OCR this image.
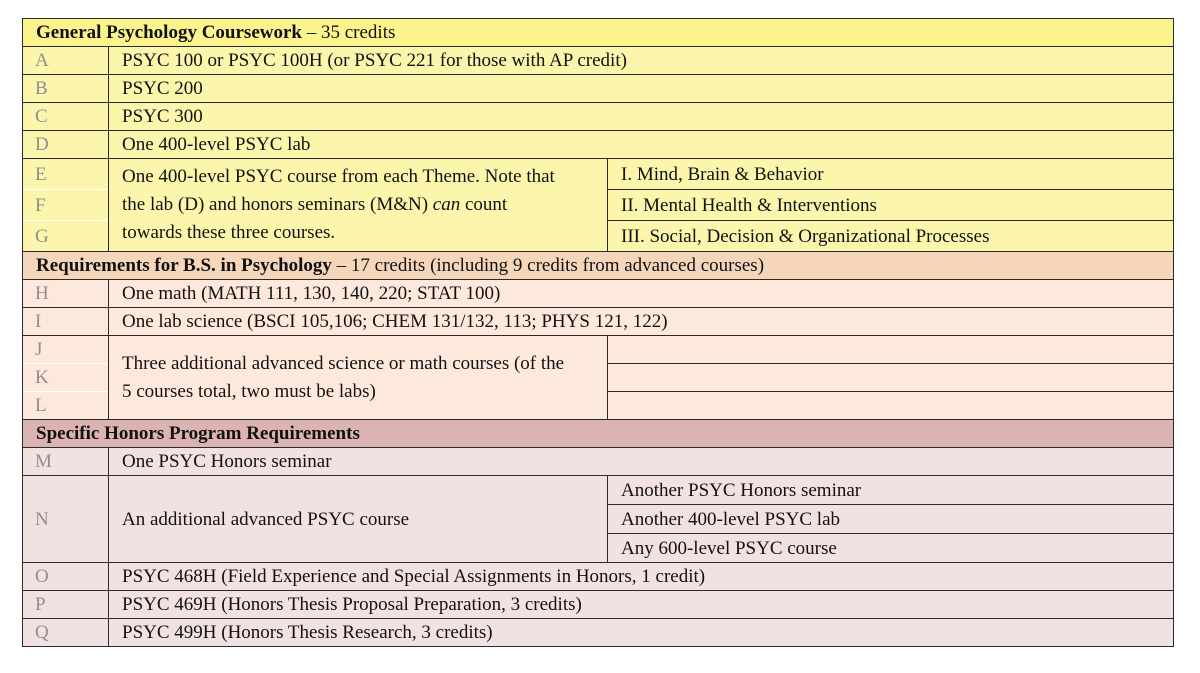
General Psychology Coursework – 35 credits		
A	PSYC 100 or PSYC 100H (or PSYC 221 for those with AP credit)	
B	PSYC 200	
C	PSYC 300	
D	One 400-level PSYC lab	
E	One 400-level PSYC course from each Theme. Note that the lab (D) and honors seminars (M&N) can count towards these three courses.	I. Mind, Brain & Behavior
F		II. Mental Health & Interventions
G		III. Social, Decision & Organizational Processes
Requirements for B.S. in Psychology – 17 credits (including 9 credits from advanced courses)		
H	One math (MATH 111, 130, 140, 220; STAT 100)	
I	One lab science (BSCI 105,106; CHEM 131/132, 113; PHYS 121, 122)	
J	Three additional advanced science or math courses (of the 5 courses total, two must be labs)	
K		
L		
Specific Honors Program Requirements		
M	One PSYC Honors seminar	
N	An additional advanced PSYC course	Another PSYC Honors seminar
		Another 400-level PSYC lab
		Any 600-level PSYC course
O	PSYC 468H (Field Experience and Special Assignments in Honors, 1 credit)	
P	PSYC 469H (Honors Thesis Proposal Preparation, 3 credits)	
Q	PSYC 499H (Honors Thesis Research, 3 credits)	
